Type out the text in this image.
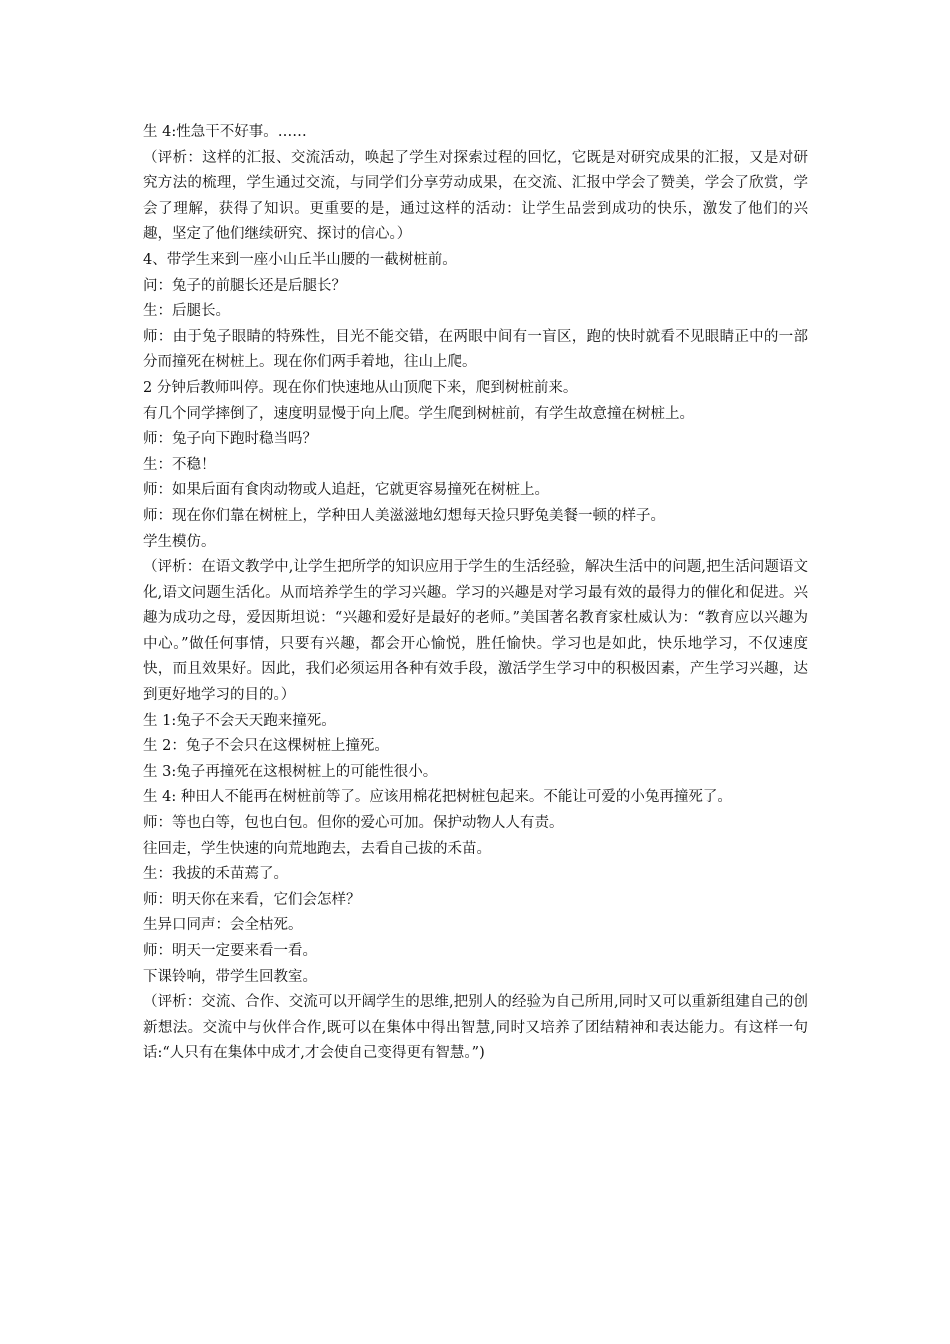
生 4:性急干不好事。……

（评析：这样的汇报、交流活动，唤起了学生对探索过程的回忆，它既是对研究成果的汇报，又是对研究方法的梳理，学生通过交流，与同学们分享劳动成果，在交流、汇报中学会了赞美，学会了欣赏，学会了理解，获得了知识。更重要的是，通过这样的活动：让学生品尝到成功的快乐，激发了他们的兴趣，坚定了他们继续研究、探讨的信心。）

4、带学生来到一座小山丘半山腰的一截树桩前。

问：兔子的前腿长还是后腿长？

生：后腿长。

师：由于兔子眼睛的特殊性，目光不能交错，在两眼中间有一盲区，跑的快时就看不见眼睛正中的一部分而撞死在树桩上。现在你们两手着地，往山上爬。

2 分钟后教师叫停。现在你们快速地从山顶爬下来，爬到树桩前来。

有几个同学摔倒了，速度明显慢于向上爬。学生爬到树桩前，有学生故意撞在树桩上。

师：兔子向下跑时稳当吗？

生：不稳！

师：如果后面有食肉动物或人追赶，它就更容易撞死在树桩上。

师：现在你们靠在树桩上，学种田人美滋滋地幻想每天捡只野兔美餐一顿的样子。

学生模仿。

（评析：在语文教学中,让学生把所学的知识应用于学生的生活经验，解决生活中的问题,把生活问题语文化,语文问题生活化。从而培养学生的学习兴趣。学习的兴趣是对学习最有效的最得力的催化和促进。兴趣为成功之母，爱因斯坦说：“兴趣和爱好是最好的老师。”美国著名教育家杜威认为：“教育应以兴趣为中心。”做任何事情，只要有兴趣，都会开心愉悦，胜任愉快。学习也是如此，快乐地学习，不仅速度快，而且效果好。因此，我们必须运用各种有效手段，激活学生学习中的积极因素，产生学习兴趣，达到更好地学习的目的。）

生 1:兔子不会天天跑来撞死。

生 2：兔子不会只在这棵树桩上撞死。

生 3:兔子再撞死在这根树桩上的可能性很小。

生 4: 种田人不能再在树桩前等了。应该用棉花把树桩包起来。不能让可爱的小兔再撞死了。

师：等也白等，包也白包。但你的爱心可加。保护动物人人有责。

往回走，学生快速的向荒地跑去，去看自己拔的禾苗。

生：我拔的禾苗蔫了。

师：明天你在来看，它们会怎样？

生异口同声：会全枯死。

师：明天一定要来看一看。

下课铃响，带学生回教室。

（评析：交流、合作、交流可以开阔学生的思维,把别人的经验为自己所用,同时又可以重新组建自己的创新想法。交流中与伙伴合作,既可以在集体中得出智慧,同时又培养了团结精神和表达能力。有这样一句话:“人只有在集体中成才,才会使自己变得更有智慧。”)
